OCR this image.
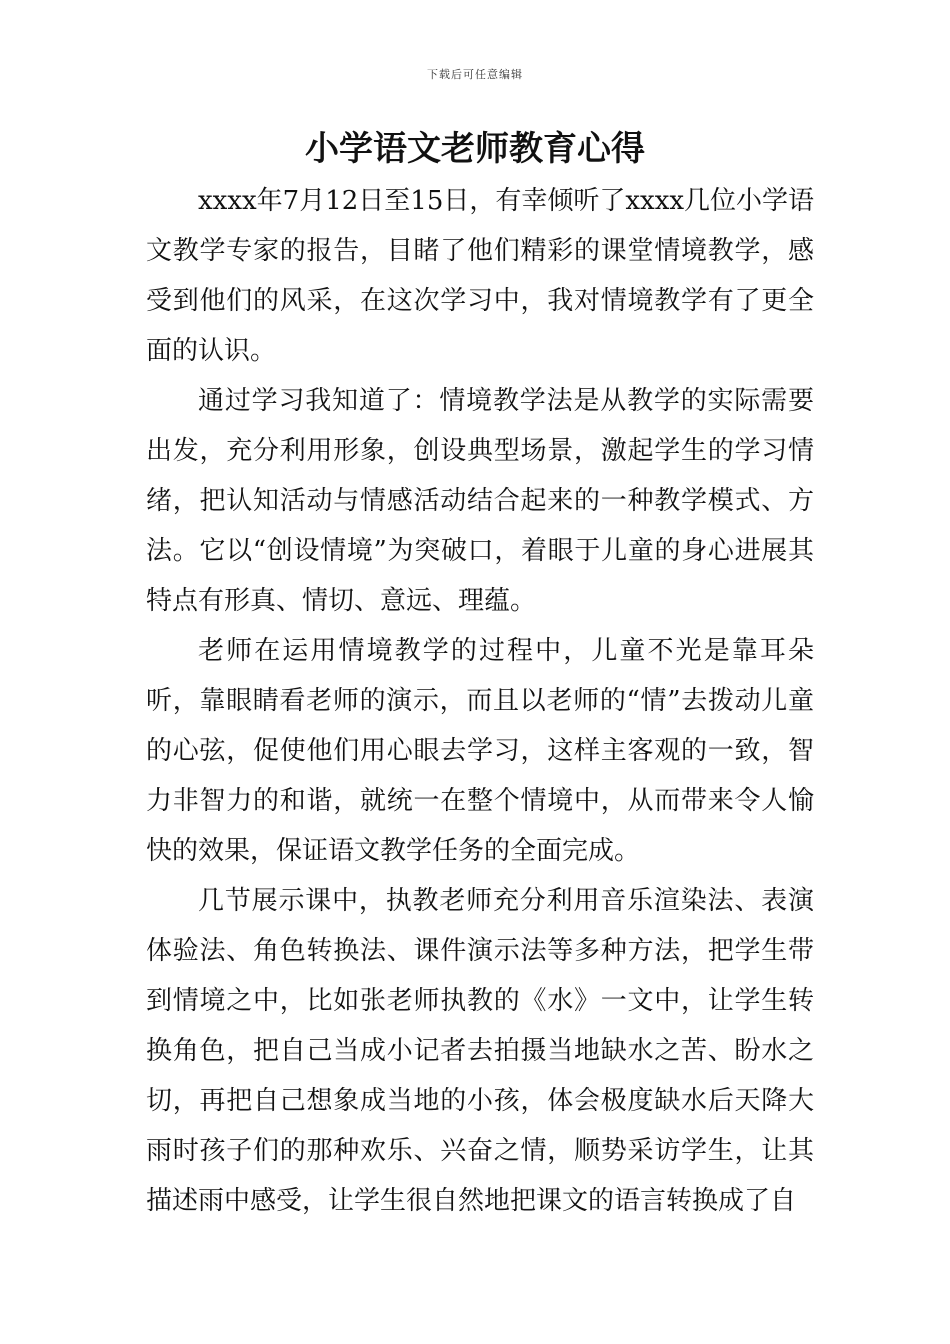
下载后可任意编辑
小学语文老师教育心得

xxxx年7月12日至15日，有幸倾听了xxxx几位小学语文教学专家的报告，目睹了他们精彩的课堂情境教学，感受到他们的风采，在这次学习中，我对情境教学有了更全面的认识。

通过学习我知道了：情境教学法是从教学的实际需要出发，充分利用形象，创设典型场景，激起学生的学习情绪，把认知活动与情感活动结合起来的一种教学模式、方法。它以“创设情境”为突破口，着眼于儿童的身心进展其特点有形真、情切、意远、理蕴。

老师在运用情境教学的过程中，儿童不光是靠耳朵听，靠眼睛看老师的演示，而且以老师的“情”去拨动儿童的心弦，促使他们用心眼去学习，这样主客观的一致，智力非智力的和谐，就统一在整个情境中，从而带来令人愉快的效果，保证语文教学任务的全面完成。

几节展示课中，执教老师充分利用音乐渲染法、表演体验法、角色转换法、课件演示法等多种方法，把学生带到情境之中，比如张老师执教的《水》一文中，让学生转换角色，把自己当成小记者去拍摄当地缺水之苦、盼水之切，再把自己想象成当地的小孩，体会极度缺水后天降大雨时孩子们的那种欢乐、兴奋之情，顺势采访学生，让其描述雨中感受，让学生很自然地把课文的语言转换成了自
